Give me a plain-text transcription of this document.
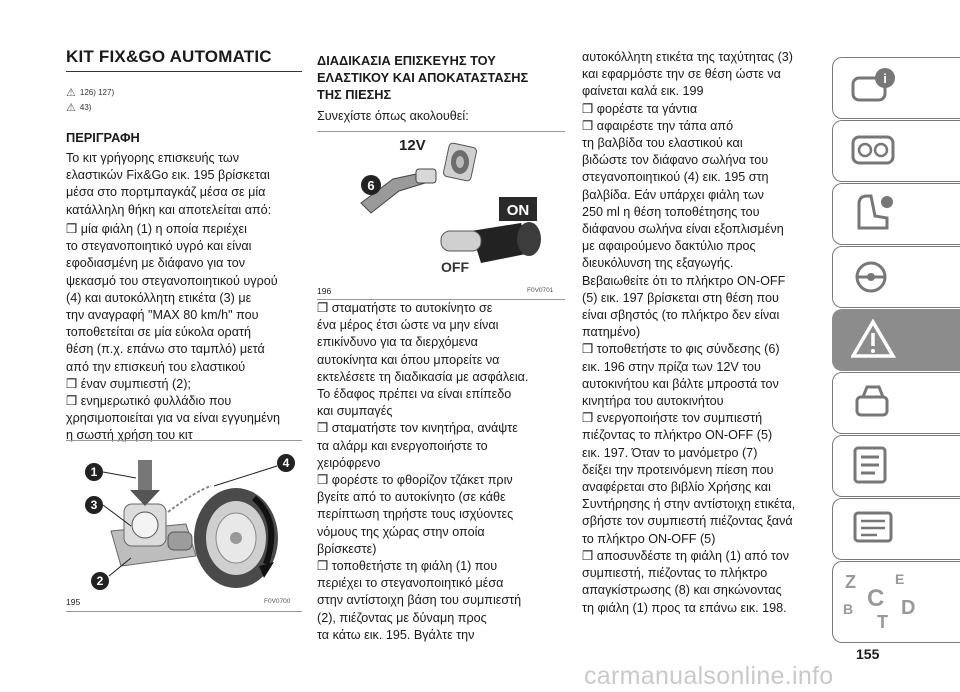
KIT FIX&GO AUTOMATIC
⚠ 126) 127)
⚠ 43)
ΠΕΡΙΓΡΑΦΗ
Το κιτ γρήγορης επισκευής των
ελαστικών Fix&Go εικ. 195 βρίσκεται
μέσα στο πορτμπαγκάζ μέσα σε μία
κατάλληλη θήκη και αποτελείται από:
❒ μία φιάλη (1) η οποία περιέχει
το στεγανοποιητικό υγρό και είναι
εφοδιασμένη με διάφανο για τον
ψεκασμό του στεγανοποιητικού υγρού
(4) και αυτοκόλλητη ετικέτα (3) με
την αναγραφή "MAX 80 km/h" που
τοποθετείται σε μία εύκολα ορατή
θέση (π.χ. επάνω στο ταμπλό) μετά
από την επισκευή του ελαστικού
❒ έναν συμπιεστή (2);
❒ ενημερωτικό φυλλάδιο που
χρησιμοποιείται για να είναι εγγυημένη
η σωστή χρήση του κιτ
1
3
2
4
195	F0V0700
ΔΙΑΔΙΚΑΣΙΑ ΕΠΙΣΚΕΥΗΣ ΤΟΥ
ΕΛΑΣΤΙΚΟΥ ΚΑΙ ΑΠΟΚΑΤΑΣΤΑΣΗΣ
ΤΗΣ ΠΙΕΣΗΣ
Συνεχίστε όπως ακολουθεί:
12V
6
ON
OFF
196	F0V0701
❒ σταματήστε το αυτοκίνητο σε
ένα μέρος έτσι ώστε να μην είναι
επικίνδυνο για τα διερχόμενα
αυτοκίνητα και όπου μπορείτε να
εκτελέσετε τη διαδικασία με ασφάλεια.
Το έδαφος πρέπει να είναι επίπεδο
και συμπαγές
❒ σταματήστε τον κινητήρα, ανάψτε
τα αλάρμ και ενεργοποιήστε το
χειρόφρενο
❒ φορέστε το φθορίζον τζάκετ πριν
βγείτε από το αυτοκίνητο (σε κάθε
περίπτωση τηρήστε τους ισχύοντες
νόμους της χώρας στην οποία
βρίσκεστε)
❒ τοποθετήστε τη φιάλη (1) που
περιέχει το στεγανοποιητικό μέσα
στην αντίστοιχη βάση του συμπιεστή
(2), πιέζοντας με δύναμη προς
τα κάτω εικ. 195. Βγάλτε την
αυτοκόλλητη ετικέτα της ταχύτητας (3)
και εφαρμόστε την σε θέση ώστε να
φαίνεται καλά εικ. 199
❒ φορέστε τα γάντια
❒ αφαιρέστε την τάπα από
τη βαλβίδα του ελαστικού και
βιδώστε τον διάφανο σωλήνα του
στεγανοποιητικού (4) εικ. 195 στη
βαλβίδα. Εάν υπάρχει φιάλη των
250 ml η θέση τοποθέτησης του
διάφανου σωλήνα είναι εξοπλισμένη
με αφαιρούμενο δακτύλιο προς
διευκόλυνση της εξαγωγής.
Βεβαιωθείτε ότι το πλήκτρο ON-OFF
(5) εικ. 197 βρίσκεται στη θέση που
είναι σβηστός (το πλήκτρο δεν είναι
πατημένο)
❒ τοποθετήστε το φις σύνδεσης (6)
εικ. 196 στην πρίζα των 12V του
αυτοκινήτου και βάλτε μπροστά τον
κινητήρα του αυτοκινήτου
❒ ενεργοποιήστε τον συμπιεστή
πιέζοντας το πλήκτρο ON-OFF (5)
εικ. 197. Όταν το μανόμετρο (7)
δείξει την προτεινόμενη πίεση που
αναφέρεται στο βιβλίο Χρήσης και
Συντήρησης ή στην αντίστοιχη ετικέτα,
σβήστε τον συμπιεστή πιέζοντας ξανά
το πλήκτρο ON-OFF (5)
❒ αποσυνδέστε τη φιάλη (1) από τον
συμπιεστή, πιέζοντας το πλήκτρο
απαγκίστρωσης (8) και σηκώνοντας
τη φιάλη (1) προς τα επάνω εικ. 198.
155
carmanualsonline.info
i
Z	E
B C
T
D
